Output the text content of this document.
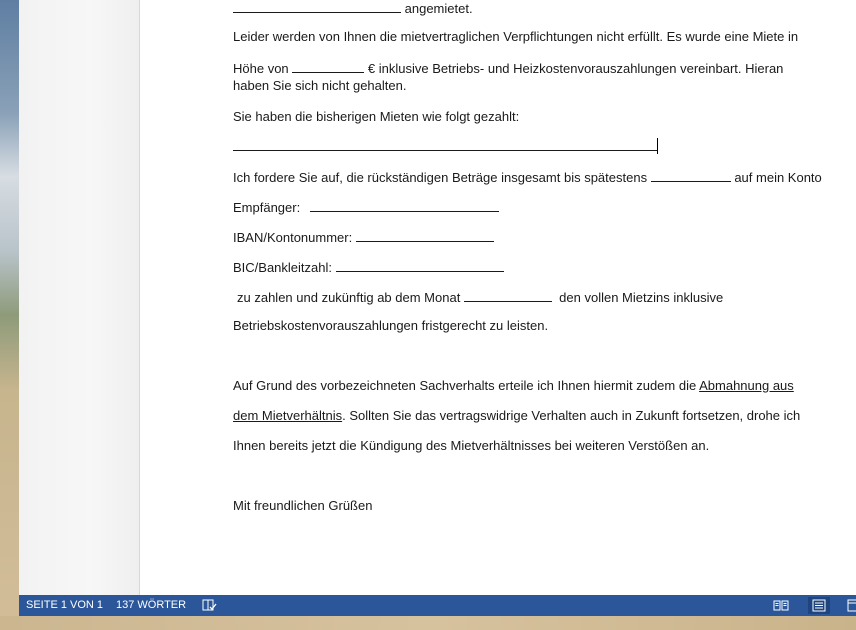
angemietet.
Leider werden von Ihnen die mietvertraglichen Verpflichtungen nicht erfüllt. Es wurde eine Miete in
Höhe von	€ inklusive Betriebs- und Heizkostenvorauszahlungen vereinbart. Hieran
haben Sie sich nicht gehalten.
Sie haben die bisherigen Mieten wie folgt gezahlt:
Ich fordere Sie auf, die rückständigen Beträge insgesamt bis spätestens	auf mein Konto
Empfänger:
IBAN/Kontonummer:
BIC/Bankleitzahl:
zu zahlen und zukünftig ab dem Monat	den vollen Mietzins inklusive
Betriebskostenvorauszahlungen fristgerecht zu leisten.
Auf Grund des vorbezeichneten Sachverhalts erteile ich Ihnen hiermit zudem die Abmahnung aus
dem Mietverhältnis. Sollten Sie das vertragswidrige Verhalten auch in Zukunft fortsetzen, drohe ich
Ihnen bereits jetzt die Kündigung des Mietverhältnisses bei weiteren Verstößen an.
Mit freundlichen Grüßen
SEITE 1 VON 1 137 WÖRTER
